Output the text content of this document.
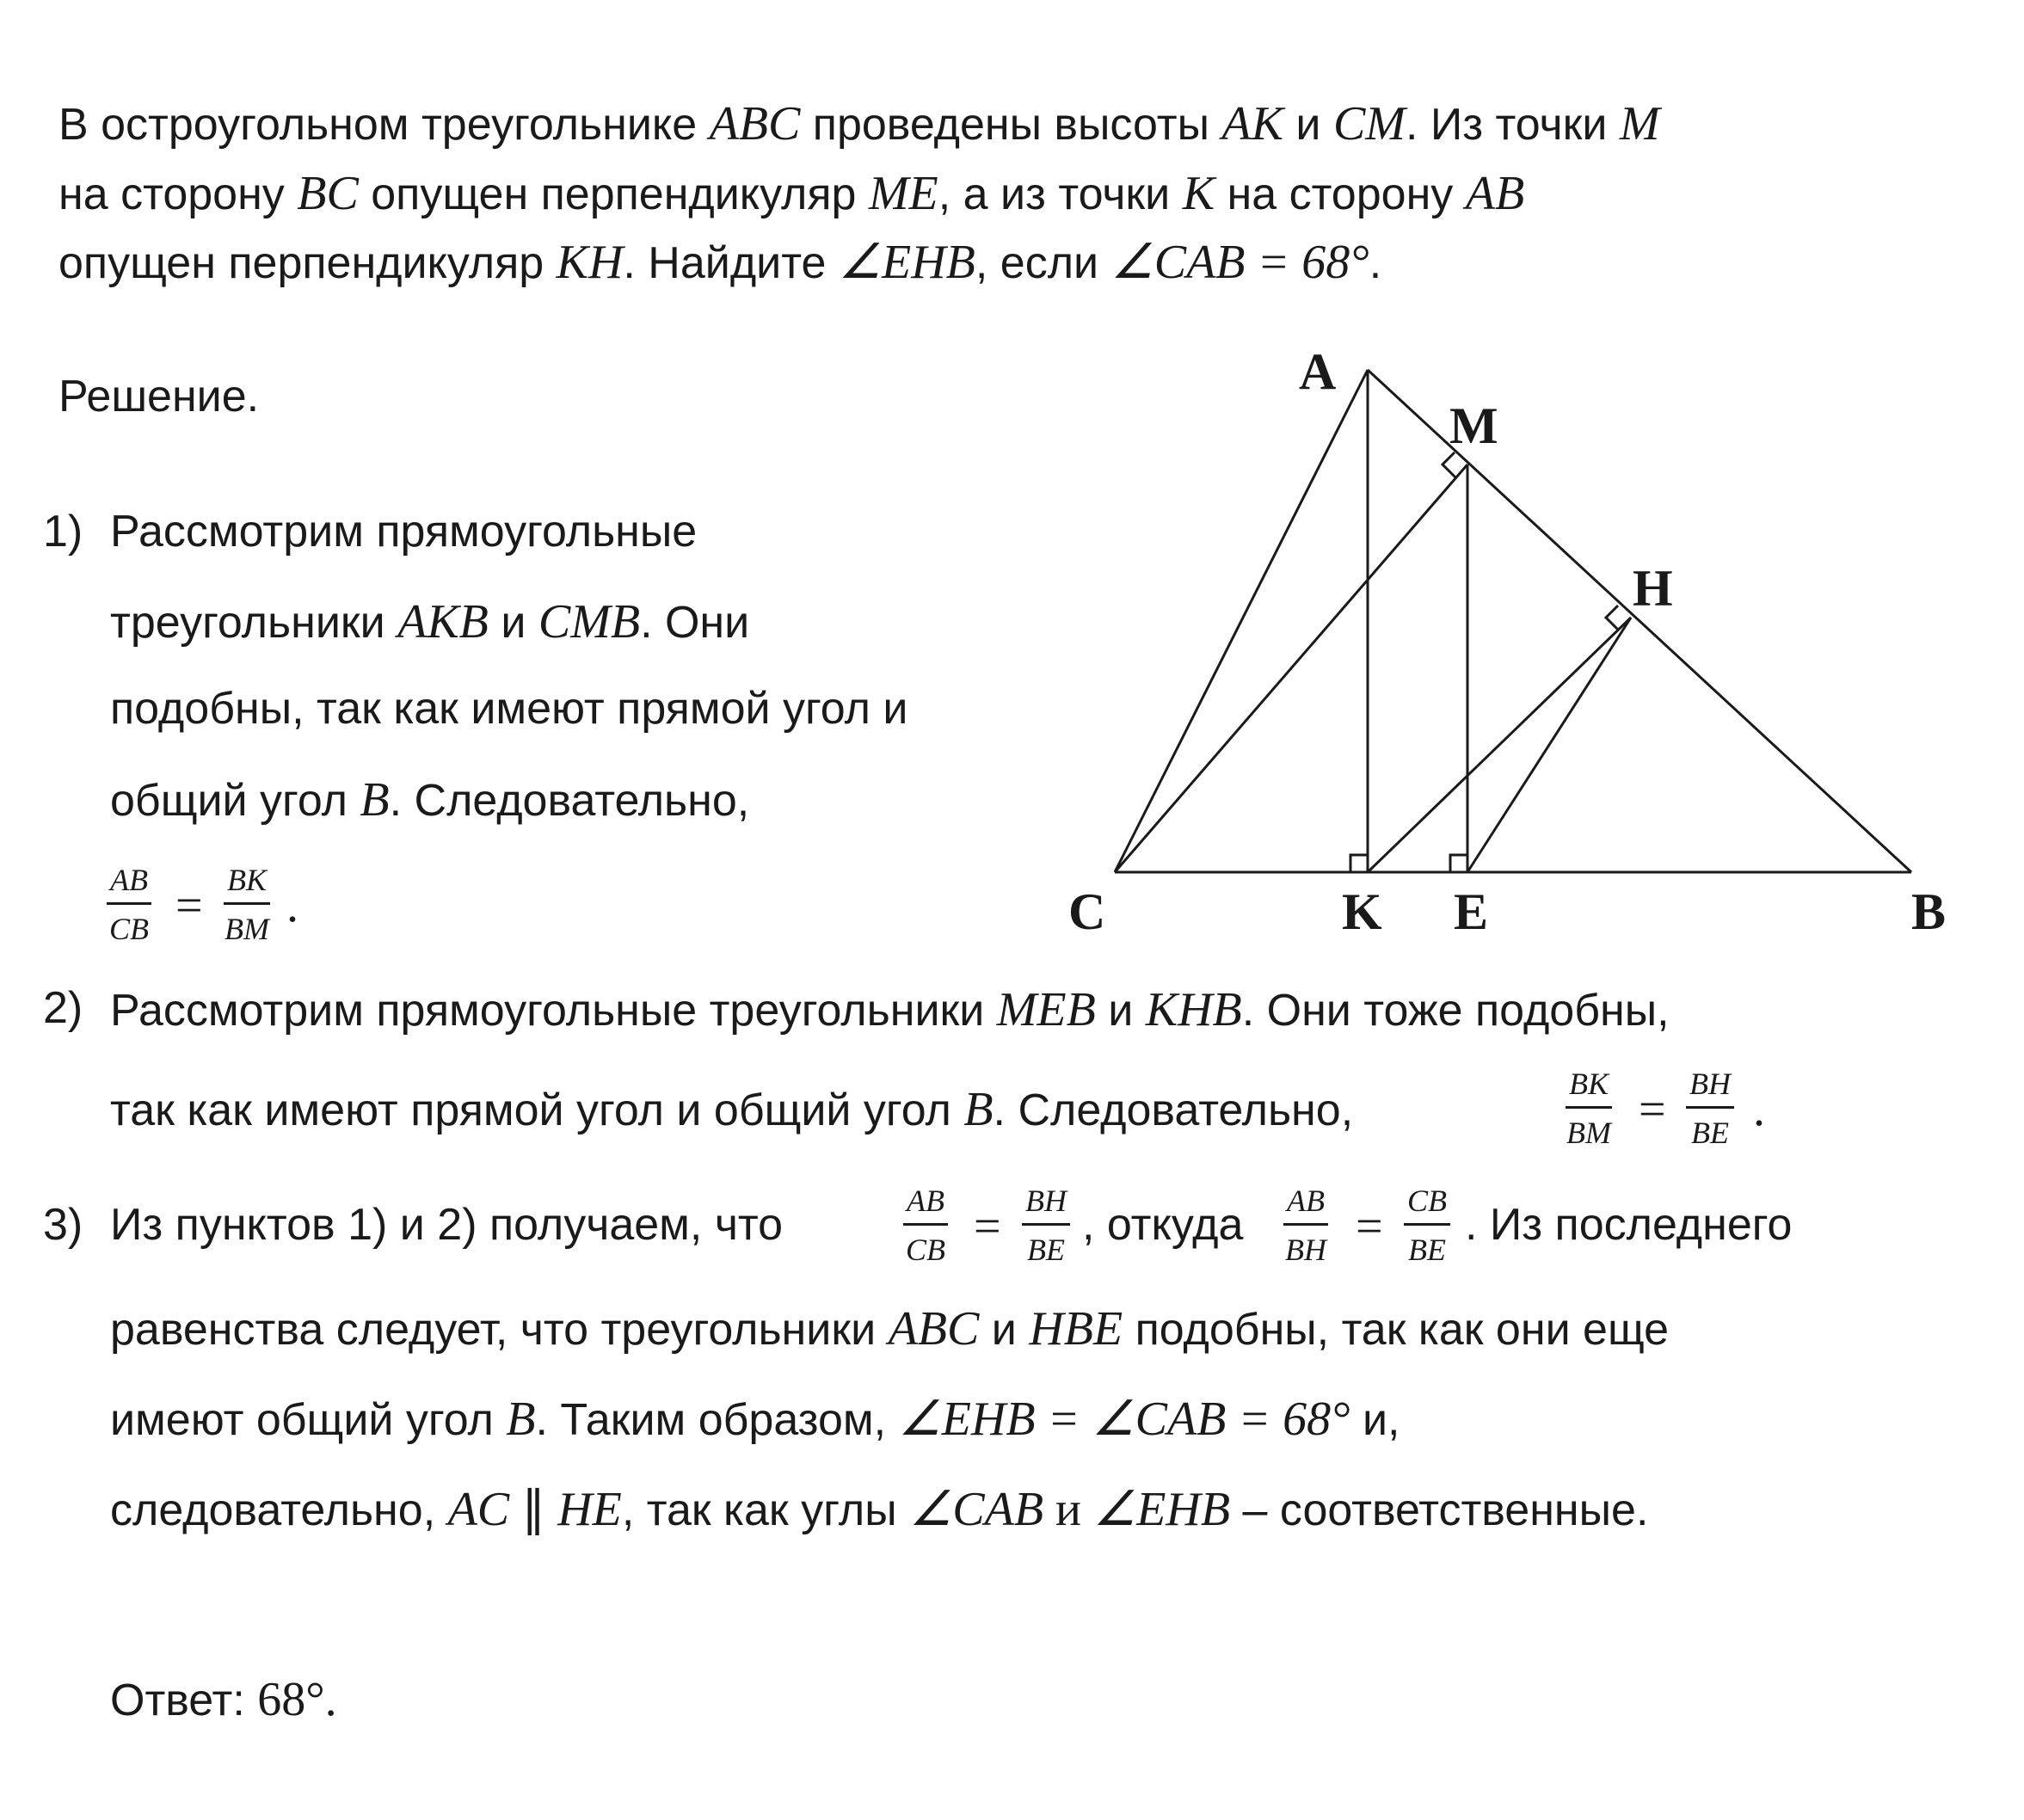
В остроугольном треугольнике ABC проведены высоты AK и CM. Из точки M
на сторону BC опущен перпендикуляр ME, а из точки K на сторону AB
опущен перпендикуляр KH. Найдите ∠EHB, если ∠CAB = 68°.
Решение.
1) Рассмотрим прямоугольные
треугольники AKB и CMB. Они
подобны, так как имеют прямой угол и
общий угол B. Следовательно,
$\frac{AB}{CB} = \frac{BK}{BM}$ .
2) Рассмотрим прямоугольные треугольники MEB и KHB. Они тоже подобны,
так как имеют прямой угол и общий угол B. Следовательно,	$\frac{BK}{BM} = \frac{BH}{BE}$ .
3) Из пунктов 1) и 2) получаем, что	$\frac{AB}{CB} = \frac{BH}{BE}$ , откуда $\frac{AB}{BH} = \frac{CB}{BE}$ . Из последнего
равенства следует, что треугольники ABC и HBE подобны, так как они еще
имеют общий угол B. Таким образом, ∠EHB = ∠CAB = 68° и,
следовательно, AC ∥ HE, так как углы ∠CAB и ∠EHB – соответственные.
Ответ: 68°.
A
M
H
C	K E	B
